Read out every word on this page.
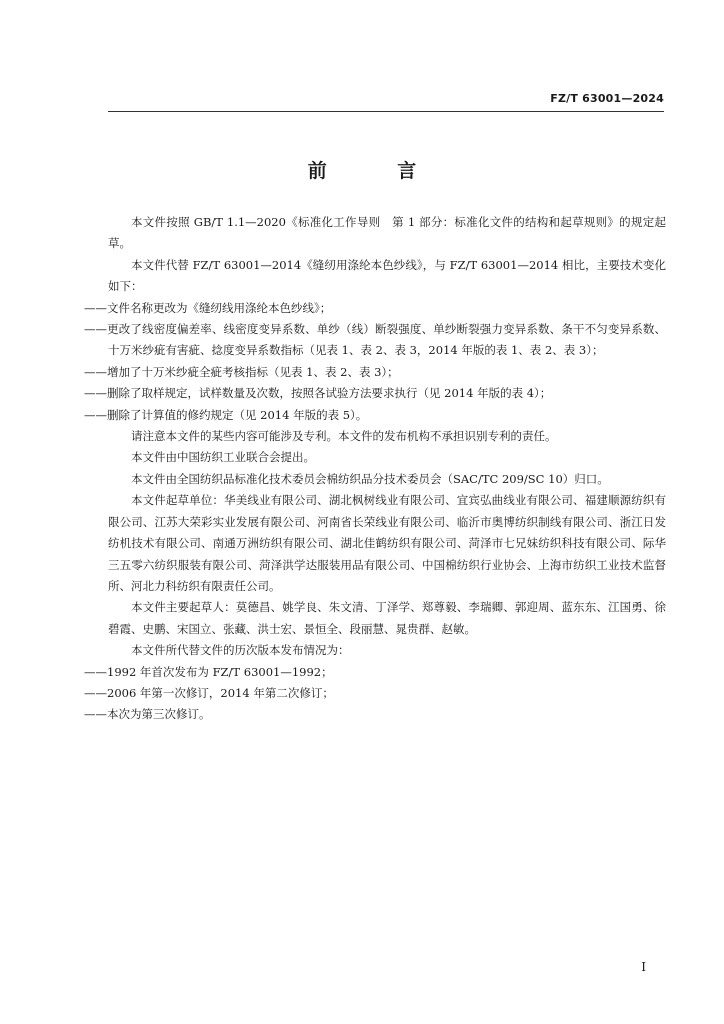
FZ/T 63001—2024
前 言

本文件按照 GB/T 1.1—2020《标准化工作导则　第 1 部分：标准化文件的结构和起草规则》的规定起草。

本文件代替 FZ/T 63001—2014《缝纫用涤纶本色纱线》，与 FZ/T 63001—2014 相比，主要技术变化如下：

——文件名称更改为《缝纫线用涤纶本色纱线》；

——更改了线密度偏差率、线密度变异系数、单纱（线）断裂强度、单纱断裂强力变异系数、条干不匀变异系数、十万米纱疵有害疵、捻度变异系数指标（见表 1、表 2、表 3，2014 年版的表 1、表 2、表 3）；

——增加了十万米纱疵全疵考核指标（见表 1、表 2、表 3）；

——删除了取样规定，试样数量及次数，按照各试验方法要求执行（见 2014 年版的表 4）；

——删除了计算值的修约规定（见 2014 年版的表 5）。

请注意本文件的某些内容可能涉及专利。本文件的发布机构不承担识别专利的责任。

本文件由中国纺织工业联合会提出。

本文件由全国纺织品标准化技术委员会棉纺织品分技术委员会（SAC/TC 209/SC 10）归口。

本文件起草单位：华美线业有限公司、湖北枫树线业有限公司、宜宾弘曲线业有限公司、福建顺源纺织有限公司、江苏大荣彩实业发展有限公司、河南省长荣线业有限公司、临沂市奥博纺织制线有限公司、浙江日发纺机技术有限公司、南通万洲纺织有限公司、湖北佳鹤纺织有限公司、菏泽市七兄妹纺织科技有限公司、际华三五零六纺织服装有限公司、菏泽洪学达服装用品有限公司、中国棉纺织行业协会、上海市纺织工业技术监督所、河北力科纺织有限责任公司。

本文件主要起草人：莫德昌、姚学良、朱文清、丁泽学、郑尊毅、李瑞卿、郭迎周、蓝东东、江国勇、徐碧霞、史鹏、宋国立、张藏、洪士宏、景恒全、段丽慧、晁贵群、赵敏。

本文件所代替文件的历次版本发布情况为：

——1992 年首次发布为 FZ/T 63001—1992；

——2006 年第一次修订，2014 年第二次修订；

——本次为第三次修订。

I
